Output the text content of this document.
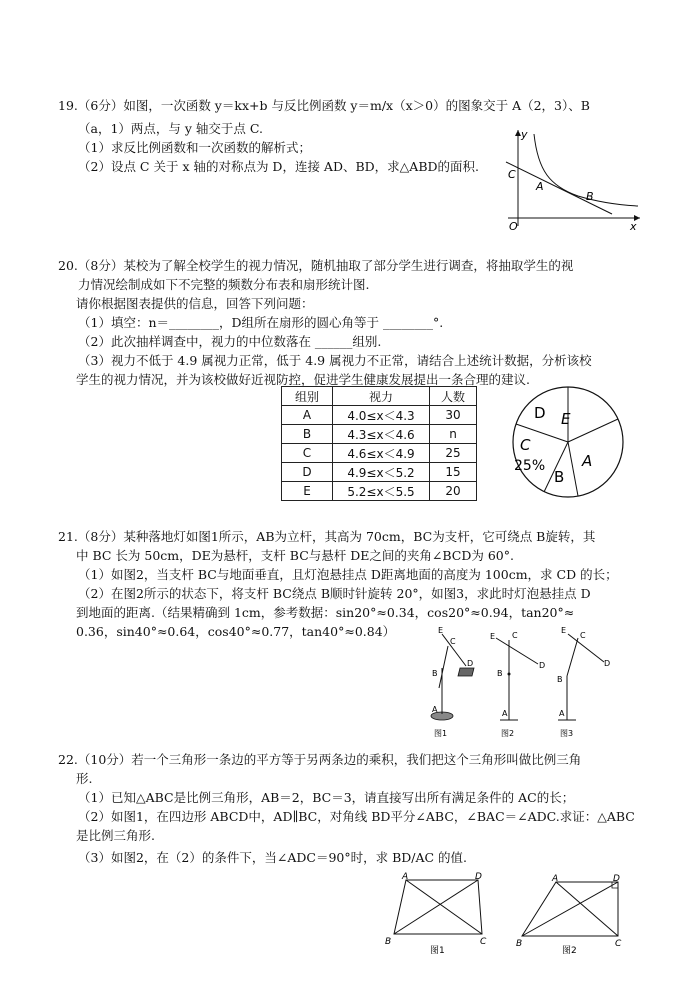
19.（6分）如图，一次函数 y＝kx+b 与反比例函数 y＝m/x（x＞0）的图象交于 A（2，3）、B
（a，1）两点，与 y 轴交于点 C.
（1）求反比例函数和一次函数的解析式；
（2）设点 C 关于 x 轴的对称点为 D，连接 AD、BD，求△ABD的面积.
y
x
O
C
A
B
20.（8分）某校为了解全校学生的视力情况，随机抽取了部分学生进行调查，将抽取学生的视
力情况绘制成如下不完整的频数分布表和扇形统计图.
请你根据图表提供的信息，回答下列问题：
（1）填空：n＝________，D组所在扇形的圆心角等于 ________°.
（2）此次抽样调查中，视力的中位数落在 ______组别.
（3）视力不低于 4.9 属视力正常，低于 4.9 属视力不正常，请结合上述统计数据，分析该校
学生的视力情况，并为该校做好近视防控，促进学生健康发展提出一条合理的建议.
组别	视力	人数
A	4.0≤x＜4.3	30
B	4.3≤x＜4.6	n
C	4.6≤x＜4.9	25
D	4.9≤x＜5.2	15
E	5.2≤x＜5.5	20
D E
C
25% A
B
21.（8分）某种落地灯如图1所示，AB为立杆，其高为 70cm，BC为支杆，它可绕点 B旋转，其
中 BC 长为 50cm，DE为悬杆，支杆 BC与悬杆 DE之间的夹角∠BCD为 60°.
（1）如图2，当支杆 BC与地面垂直，且灯泡悬挂点 D距离地面的高度为 100cm，求 CD 的长；
（2）在图2所示的状态下，将支杆 BC绕点 B顺时针旋转 20°，如图3，求此时灯泡悬挂点 D
到地面的距离.（结果精确到 1cm，参考数据：sin20°≈0.34，cos20°≈0.94，tan20°≈
0.36，sin40°≈0.64，cos40°≈0.77，tan40°≈0.84）	E
C
D
B
A
图1
E C
D
B
A
图2
E
C
D
B
A
图3
22.（10分）若一个三角形一条边的平方等于另两条边的乘积，我们把这个三角形叫做比例三角
形.
（1）已知△ABC是比例三角形，AB＝2，BC＝3，请直接写出所有满足条件的 AC的长；
（2）如图1，在四边形 ABCD中，AD∥BC，对角线 BD平分∠ABC，∠BAC＝∠ADC.求证：△ABC
是比例三角形.
（3）如图2，在（2）的条件下，当∠ADC＝90°时，求 BD/AC 的值.
A	D
B	C
图1
A	D
B	C
图2
